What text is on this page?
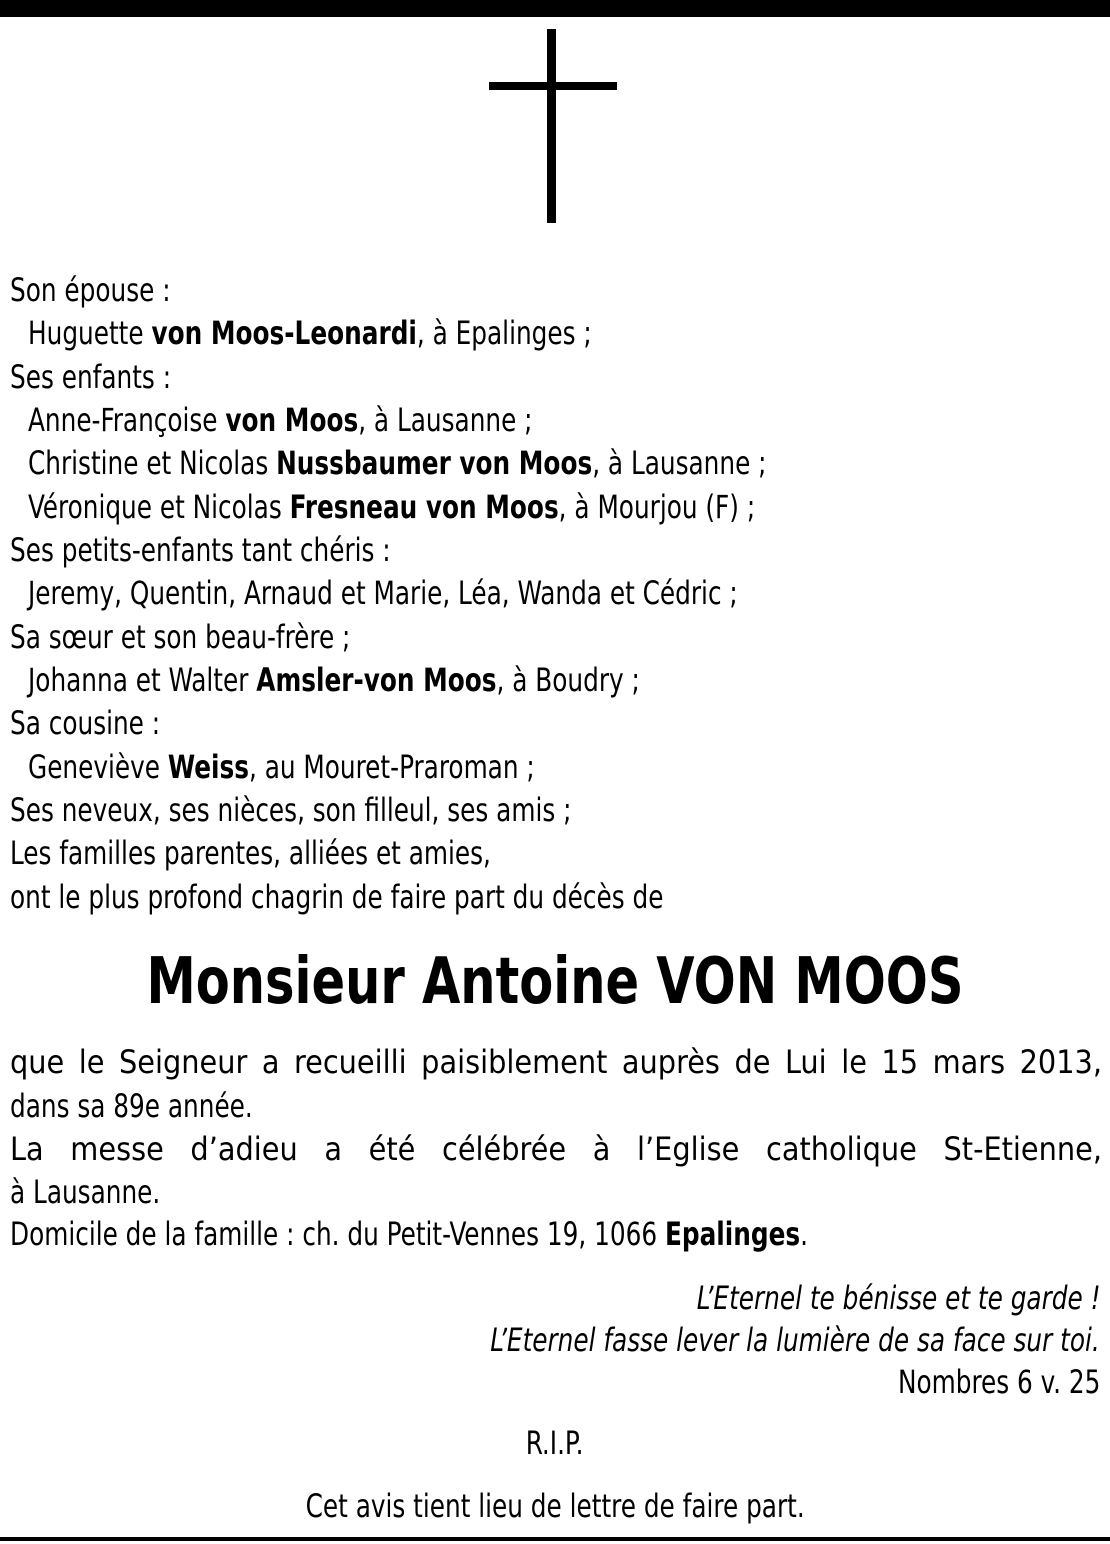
Son épouse :
Huguette von Moos-Leonardi, à Epalinges ;
Ses enfants :
Anne-Françoise von Moos, à Lausanne ;
Christine et Nicolas Nussbaumer von Moos, à Lausanne ;
Véronique et Nicolas Fresneau von Moos, à Mourjou (F) ;
Ses petits-enfants tant chéris :
Jeremy, Quentin, Arnaud et Marie, Léa, Wanda et Cédric ;
Sa sœur et son beau-frère ;
Johanna et Walter Amsler-von Moos, à Boudry ;
Sa cousine :
Geneviève Weiss, au Mouret-Praroman ;
Ses neveux, ses nièces, son filleul, ses amis ;
Les familles parentes, alliées et amies,
ont le plus profond chagrin de faire part du décès de
Monsieur Antoine VON MOOS
que le Seigneur a recueilli paisiblement auprès de Lui le 15 mars 2013,
dans sa 89e année.
La messe d’adieu a été célébrée à l’Eglise catholique St-Etienne,
à Lausanne.
Domicile de la famille : ch. du Petit-Vennes 19, 1066 Epalinges.
L’Eternel te bénisse et te garde !
L’Eternel fasse lever la lumière de sa face sur toi.
Nombres 6 v. 25
R.I.P.
Cet avis tient lieu de lettre de faire part.
